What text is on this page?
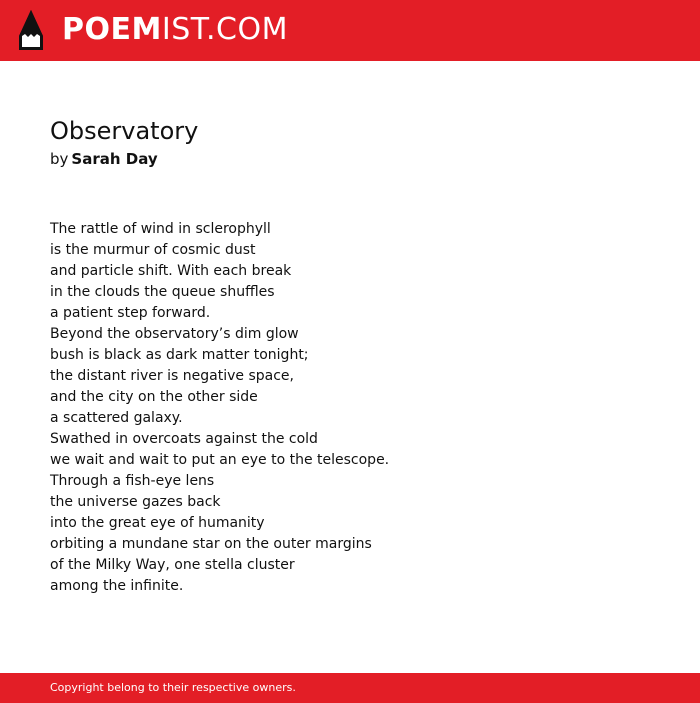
POEMIST.COM
Observatory
by Sarah Day
The rattle of wind in sclerophyll
is the murmur of cosmic dust
and particle shift. With each break
in the clouds the queue shuffles
a patient step forward.
Beyond the observatory’s dim glow
bush is black as dark matter tonight;
the distant river is negative space,
and the city on the other side
a scattered galaxy.
Swathed in overcoats against the cold
we wait and wait to put an eye to the telescope.
Through a fish-eye lens
the universe gazes back
into the great eye of humanity
orbiting a mundane star on the outer margins
of the Milky Way, one stella cluster
among the infinite.
Copyright belong to their respective owners.
